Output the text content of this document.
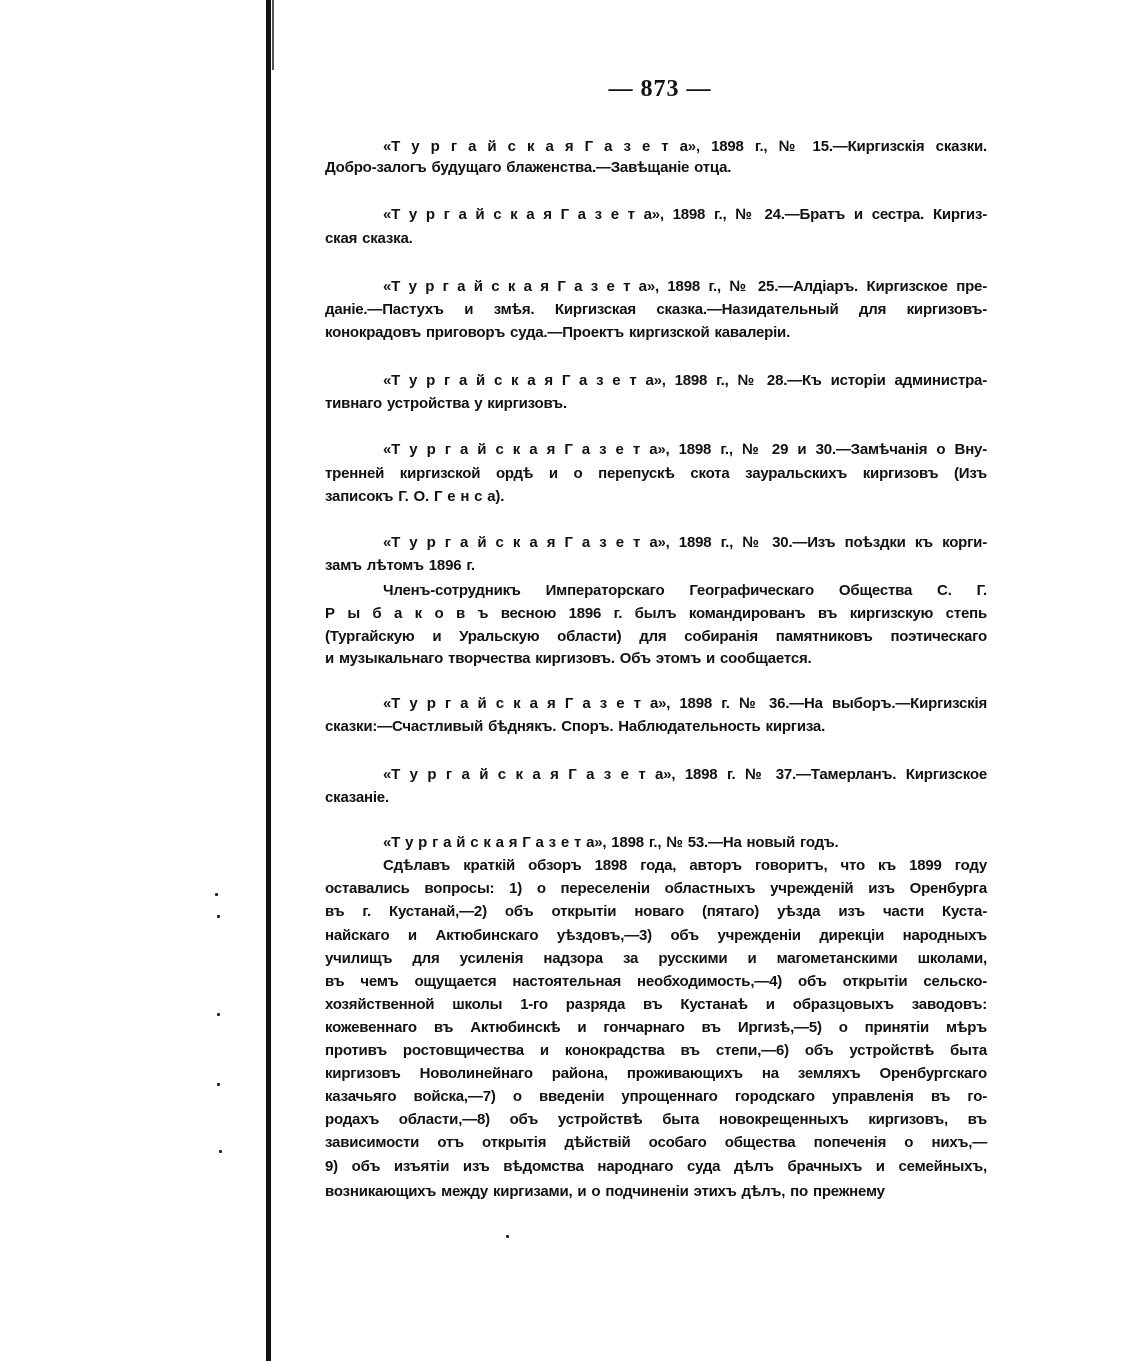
— 873 —
«Т у р г а й с к а я Г а з е т а», 1898 г., № 15.—Киргизскія сказки.
Добро-залогъ будущаго блаженства.—Завѣщаніе отца.
«Т у р г а й с к а я Г а з е т а», 1898 г., № 24.—Братъ и сестра. Киргиз-
ская сказка.
«Т у р г а й с к а я Г а з е т а», 1898 г., № 25.—Алдіаръ. Киргизское пре-
даніе.—Пастухъ и змѣя. Киргизская сказка.—Назидательный для киргизовъ-
конокрадовъ приговоръ суда.—Проектъ киргизской кавалеріи.
«Т у р г а й с к а я Г а з е т а», 1898 г., № 28.—Къ исторіи администра-
тивнаго устройства у киргизовъ.
«Т у р г а й с к а я Г а з е т а», 1898 г., № 29 и 30.—Замѣчанія о Вну-
тренней киргизской ордѣ и о перепускѣ скота зауральскихъ киргизовъ (Изъ
записокъ Г. О. Г е н с а).
«Т у р г а й с к а я Г а з е т а», 1898 г., № 30.—Изъ поѣздки къ корги-
замъ лѣтомъ 1896 г.
Членъ-сотрудникъ Императорскаго Географическаго Общества С. Г.
Р ы б а к о в ъ весною 1896 г. былъ командированъ въ киргизскую степь
(Тургайскую и Уральскую области) для собиранія памятниковъ поэтическаго
и музыкальнаго творчества киргизовъ. Объ этомъ и сообщается.
«Т у р г а й с к а я Г а з е т а», 1898 г. № 36.—На выборъ.—Киргизскія
сказки:—Счастливый бѣднякъ. Споръ. Наблюдательность киргиза.
«Т у р г а й с к а я Г а з е т а», 1898 г. № 37.—Тамерланъ. Киргизское
сказаніе.
«Т у р г а й с к а я Г а з е т а», 1898 г., № 53.—На новый годъ.
Сдѣлавъ краткій обзоръ 1898 года, авторъ говоритъ, что къ 1899 году
оставались вопросы: 1) о переселеніи областныхъ учрежденій изъ Оренбурга
въ г. Кустанай,—2) объ открытіи новаго (пятаго) уѣзда изъ части Куста-
найскаго и Актюбинскаго уѣздовъ,—3) объ учрежденіи дирекціи народныхъ
училищъ для усиленія надзора за русскими и магометанскими школами,
въ чемъ ощущается настоятельная необходимость,—4) объ открытіи сельско-
хозяйственной школы 1-го разряда въ Кустанаѣ и образцовыхъ заводовъ:
кожевеннаго въ Актюбинскѣ и гончарнаго въ Иргизѣ,—5) о принятіи мѣръ
противъ ростовщичества и конокрадства въ степи,—6) объ устройствѣ быта
киргизовъ Новолинейнаго района, проживающихъ на земляхъ Оренбургскаго
казачьяго войска,—7) о введеніи упрощеннаго городскаго управленія въ го-
родахъ области,—8) объ устройствѣ быта новокрещенныхъ киргизовъ, въ
зависимости отъ открытія дѣйствій особаго общества попеченія о нихъ,—
9) объ изъятіи изъ вѣдомства народнаго суда дѣлъ брачныхъ и семейныхъ,
возникающихъ между киргизами, и о подчиненіи этихъ дѣлъ, по прежнему
